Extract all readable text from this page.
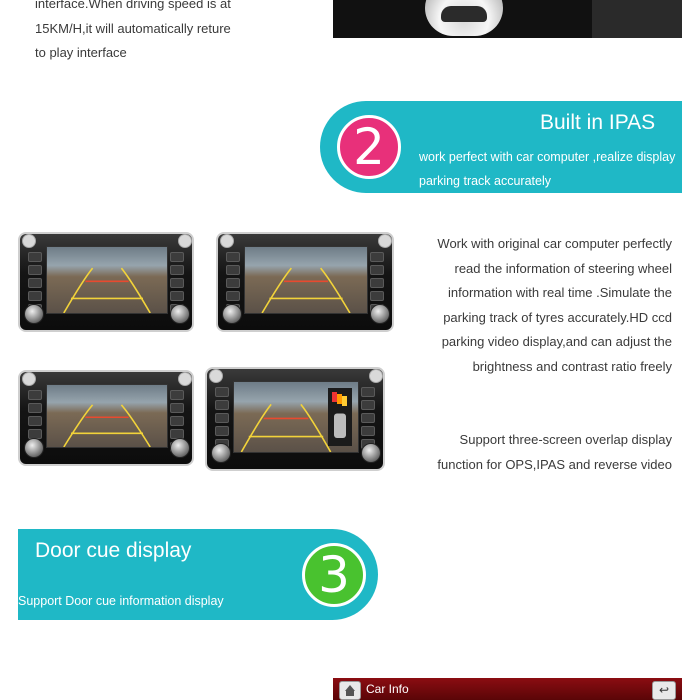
interface.When driving speed is at
15KM/H,it will automatically reture
to play interface
2	Built in IPAS
work perfect with car computer ,realize display
parking track accurately
Work with original car computer perfectly
read the information of steering wheel
information with real time .Simulate the
parking track of tyres accurately.HD ccd
parking video display,and can adjust the
brightness and contrast ratio freely
Support three-screen overlap display
function for OPS,IPAS and reverse video
Door cue display
Support Door cue information display	3
Car Info	↩
